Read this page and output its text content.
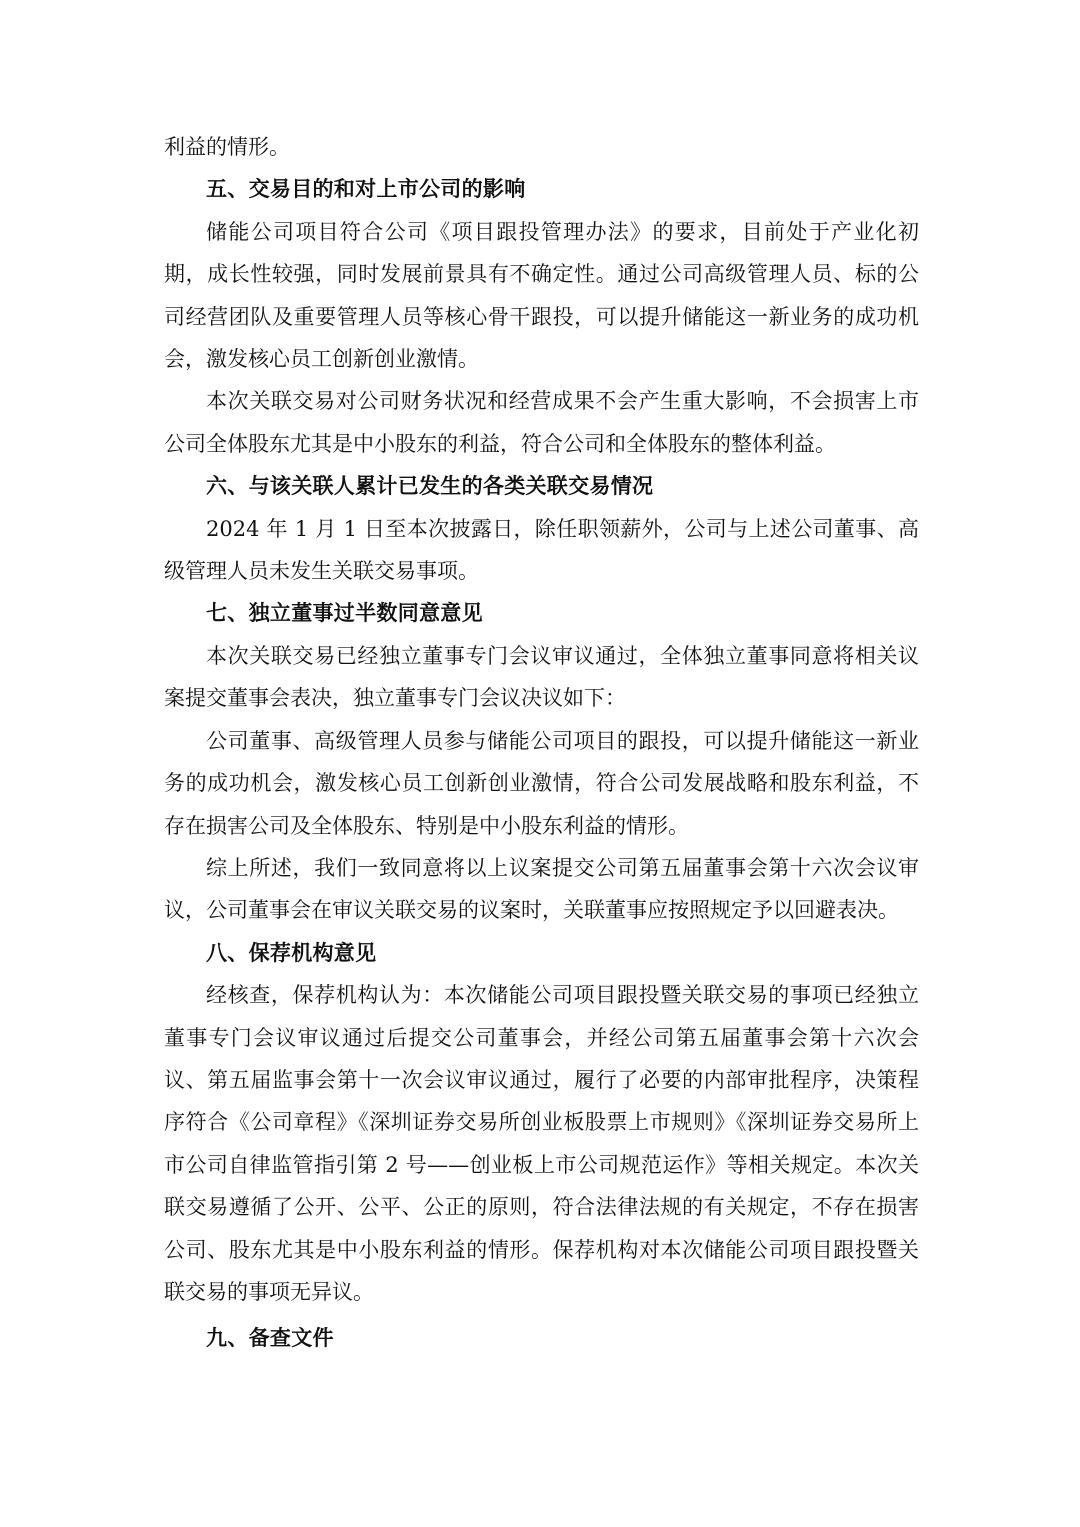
利益的情形。

五、交易目的和对上市公司的影响

储能公司项目符合公司《项目跟投管理办法》的要求，目前处于产业化初期，成长性较强，同时发展前景具有不确定性。通过公司高级管理人员、标的公司经营团队及重要管理人员等核心骨干跟投，可以提升储能这一新业务的成功机会，激发核心员工创新创业激情。

本次关联交易对公司财务状况和经营成果不会产生重大影响，不会损害上市公司全体股东尤其是中小股东的利益，符合公司和全体股东的整体利益。

六、与该关联人累计已发生的各类关联交易情况

2024 年 1 月 1 日至本次披露日，除任职领薪外，公司与上述公司董事、高级管理人员未发生关联交易事项。

七、独立董事过半数同意意见

本次关联交易已经独立董事专门会议审议通过，全体独立董事同意将相关议案提交董事会表决，独立董事专门会议决议如下：

公司董事、高级管理人员参与储能公司项目的跟投，可以提升储能这一新业务的成功机会，激发核心员工创新创业激情，符合公司发展战略和股东利益，不存在损害公司及全体股东、特别是中小股东利益的情形。

综上所述，我们一致同意将以上议案提交公司第五届董事会第十六次会议审议，公司董事会在审议关联交易的议案时，关联董事应按照规定予以回避表决。

八、保荐机构意见

经核查，保荐机构认为：本次储能公司项目跟投暨关联交易的事项已经独立董事专门会议审议通过后提交公司董事会，并经公司第五届董事会第十六次会议、第五届监事会第十一次会议审议通过，履行了必要的内部审批程序，决策程序符合《公司章程》《深圳证券交易所创业板股票上市规则》《深圳证券交易所上市公司自律监管指引第 2 号——创业板上市公司规范运作》等相关规定。本次关联交易遵循了公开、公平、公正的原则，符合法律法规的有关规定，不存在损害公司、股东尤其是中小股东利益的情形。保荐机构对本次储能公司项目跟投暨关联交易的事项无异议。

九、备查文件
